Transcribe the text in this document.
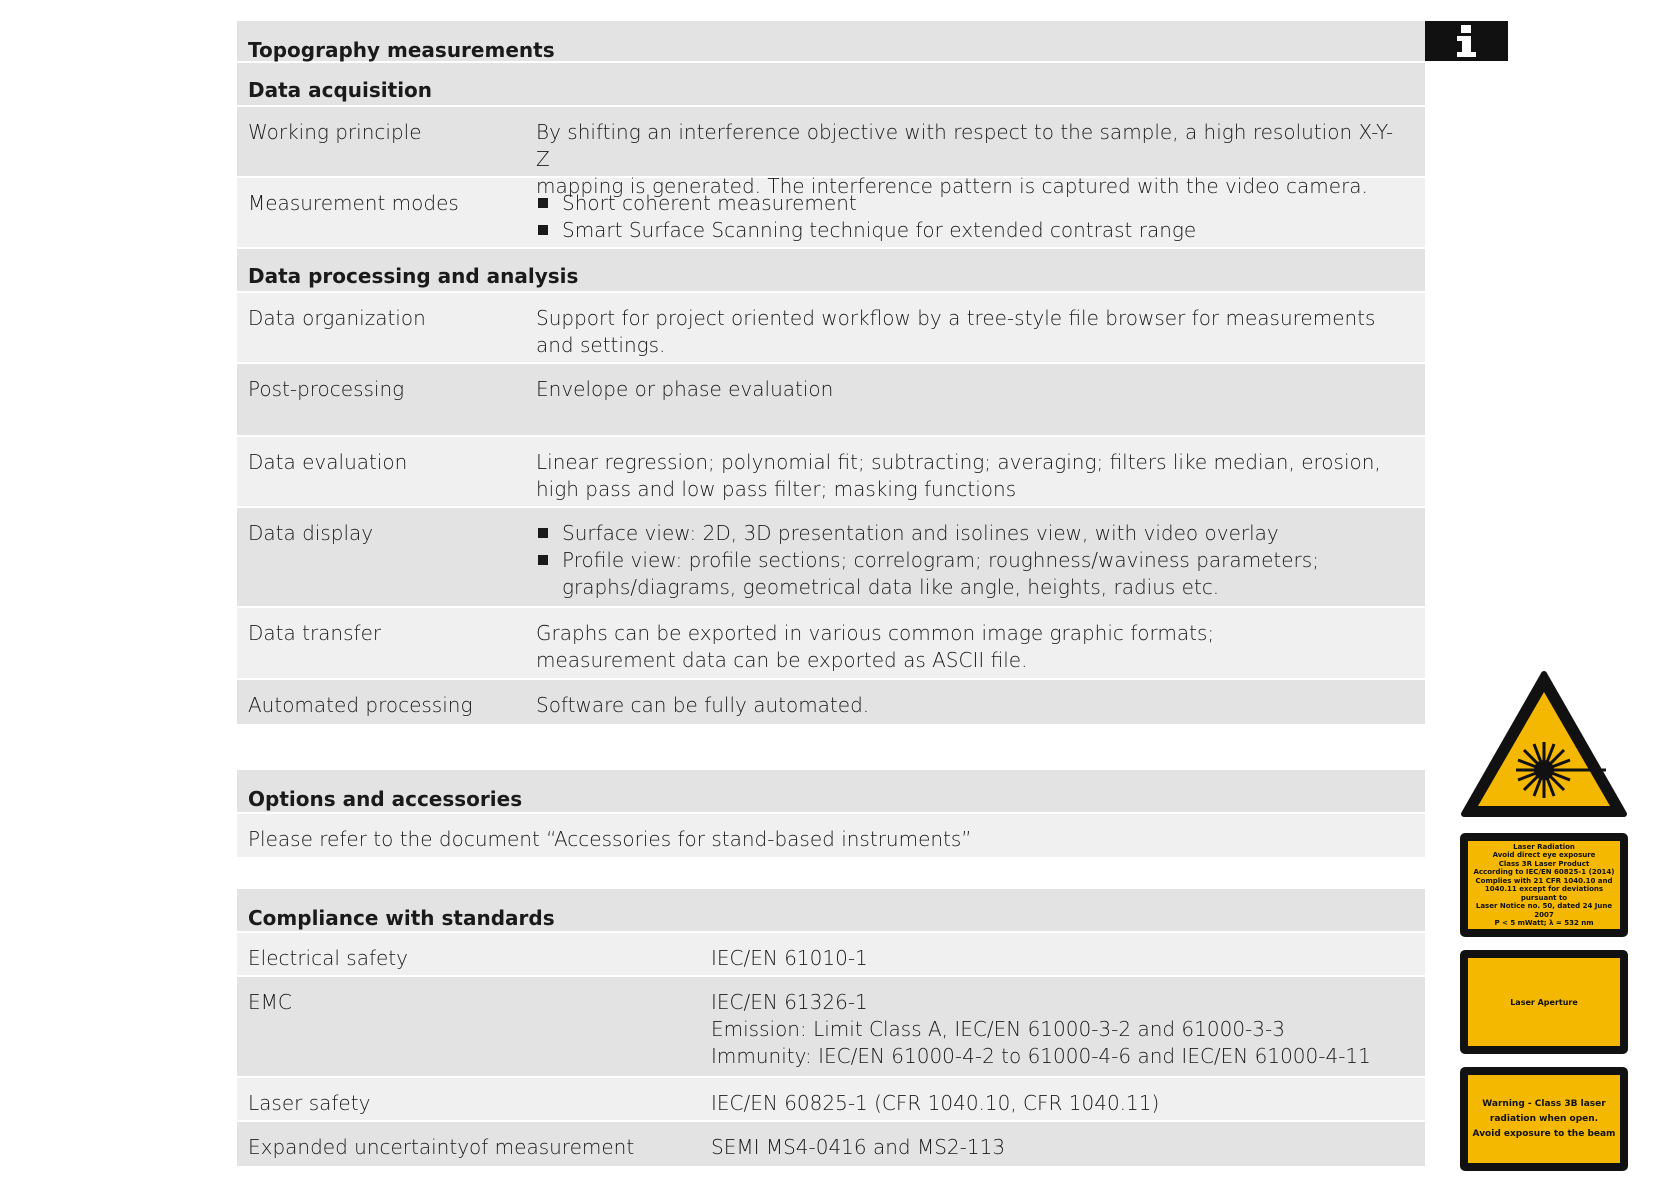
Topography measurements
Data acquisition
Working principle	By shifting an interference objective with respect to the sample, a high resolution X-Y-Z
mapping is generated. The interference pattern is captured with the video camera.
Measurement modes	Short coherent measurement
Smart Surface Scanning technique for extended contrast range
Data processing and analysis
Data organization	Support for project oriented workflow by a tree-style file browser for measurements
and settings.
Post-processing	Envelope or phase evaluation
Data evaluation	Linear regression; polynomial fit; subtracting; averaging; filters like median, erosion,
high pass and low pass filter; masking functions
Data display	Surface view: 2D, 3D presentation and isolines view, with video overlay
Profile view: profile sections; correlogram; roughness/waviness parameters;
graphs/diagrams, geometrical data like angle, heights, radius etc.
Data transfer	Graphs can be exported in various common image graphic formats;
measurement data can be exported as ASCII file.
Automated processing	Software can be fully automated.
Options and accessories
Please refer to the document “Accessories for stand-based instruments”
Compliance with standards
Electrical safety	IEC/EN 61010-1
EMC	IEC/EN 61326-1
Emission: Limit Class A, IEC/EN 61000-3-2 and 61000-3-3
Immunity: IEC/EN 61000-4-2 to 61000-4-6 and IEC/EN 61000-4-11
Laser safety	IEC/EN 60825-1 (CFR 1040.10, CFR 1040.11)
Expanded uncertaintyof measurement	SEMI MS4-0416 and MS2-113
Laser Radiation
Avoid direct eye exposure
Class 3R Laser Product
According to IEC/EN 60825-1 (2014)
Complies with 21 CFR 1040.10 and
1040.11 except for deviations pursuant to
Laser Notice no. 50, dated 24 June 2007
P < 5 mWatt; λ = 532 nm
Laser Aperture
Warning - Class 3B laser
radiation when open.
Avoid exposure to the beam
